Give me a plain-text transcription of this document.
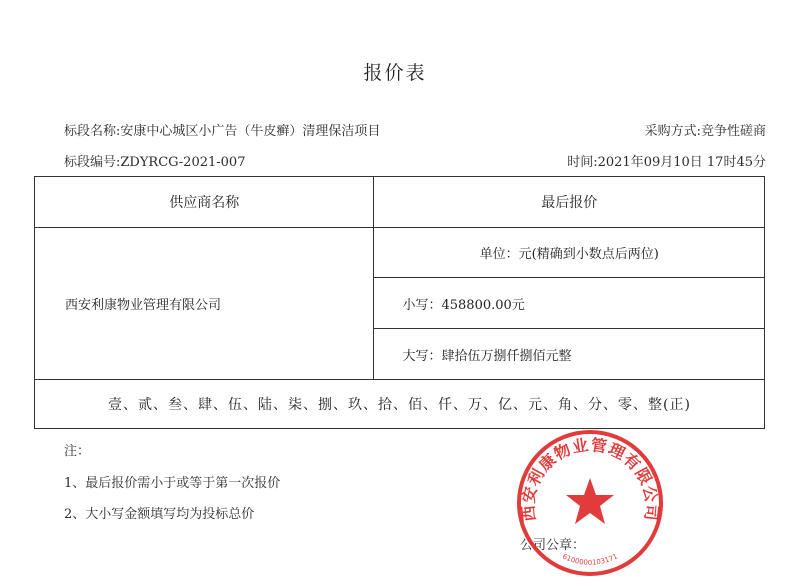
报价表
标段名称:安康中心城区小广告（牛皮癣）清理保洁项目	采购方式:竞争性磋商
标段编号:ZDYRCG-2021-007	时间:2021年09月10日 17时45分
供应商名称	最后报价
西安利康物业管理有限公司	单位：元(精确到小数点后两位)
	小写：458800.00元
	大写：肆拾伍万捌仟捌佰元整
壹、贰、叁、肆、伍、陆、柒、捌、玖、拾、佰、仟、万、亿、元、角、分、零、整(正)	
注：
1、最后报价需小于或等于第一次报价
2、大小写金额填写均为投标总价
公司公章：
西安利康物业管理有限公司
6100000103171
